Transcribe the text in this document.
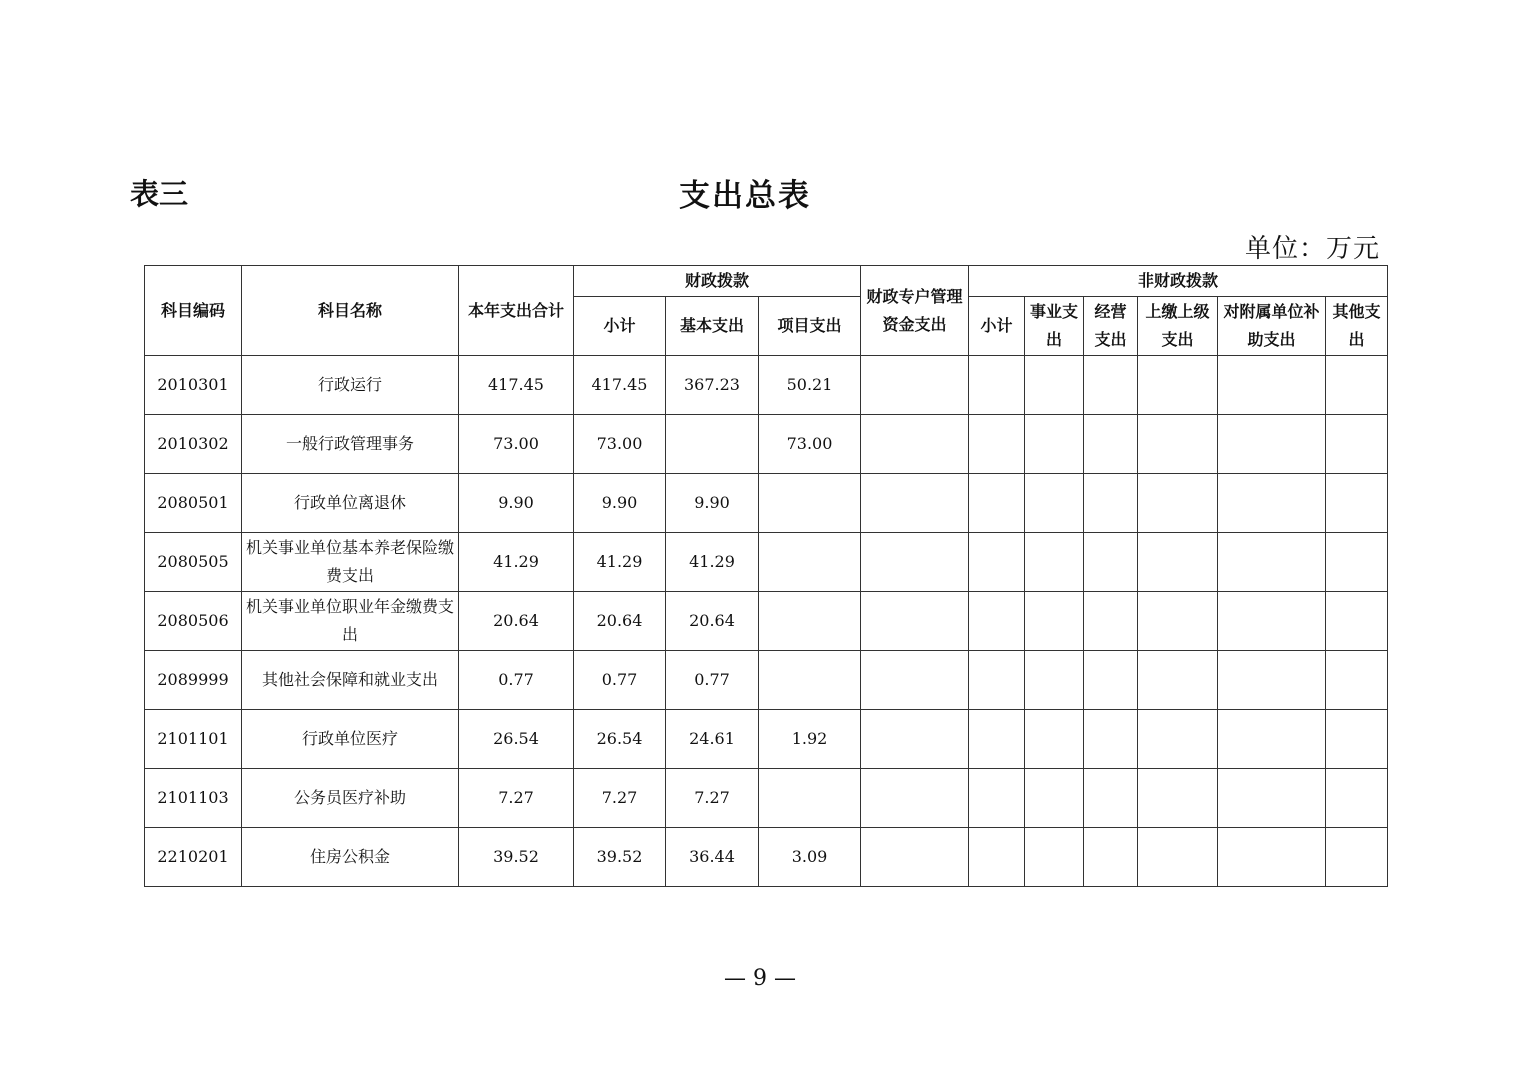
表三	支出总表
单位：万元
科目编码	科目名称	本年支出合计	财政拨款			财政专户管理资金支出	非财政拨款					
			小计	基本支出	项目支出		小计	事业支出	经营支出	上缴上级支出	对附属单位补助支出	其他支出
2010301	行政运行	417.45	417.45	367.23	50.21							
2010302	一般行政管理事务	73.00	73.00		73.00							
2080501	行政单位离退休	9.90	9.90	9.90								
2080505	机关事业单位基本养老保险缴费支出	41.29	41.29	41.29								
2080506	机关事业单位职业年金缴费支出	20.64	20.64	20.64								
2089999	其他社会保障和就业支出	0.77	0.77	0.77								
2101101	行政单位医疗	26.54	26.54	24.61	1.92							
2101103	公务员医疗补助	7.27	7.27	7.27								
2210201	住房公积金	39.52	39.52	36.44	3.09							
— 9 —
